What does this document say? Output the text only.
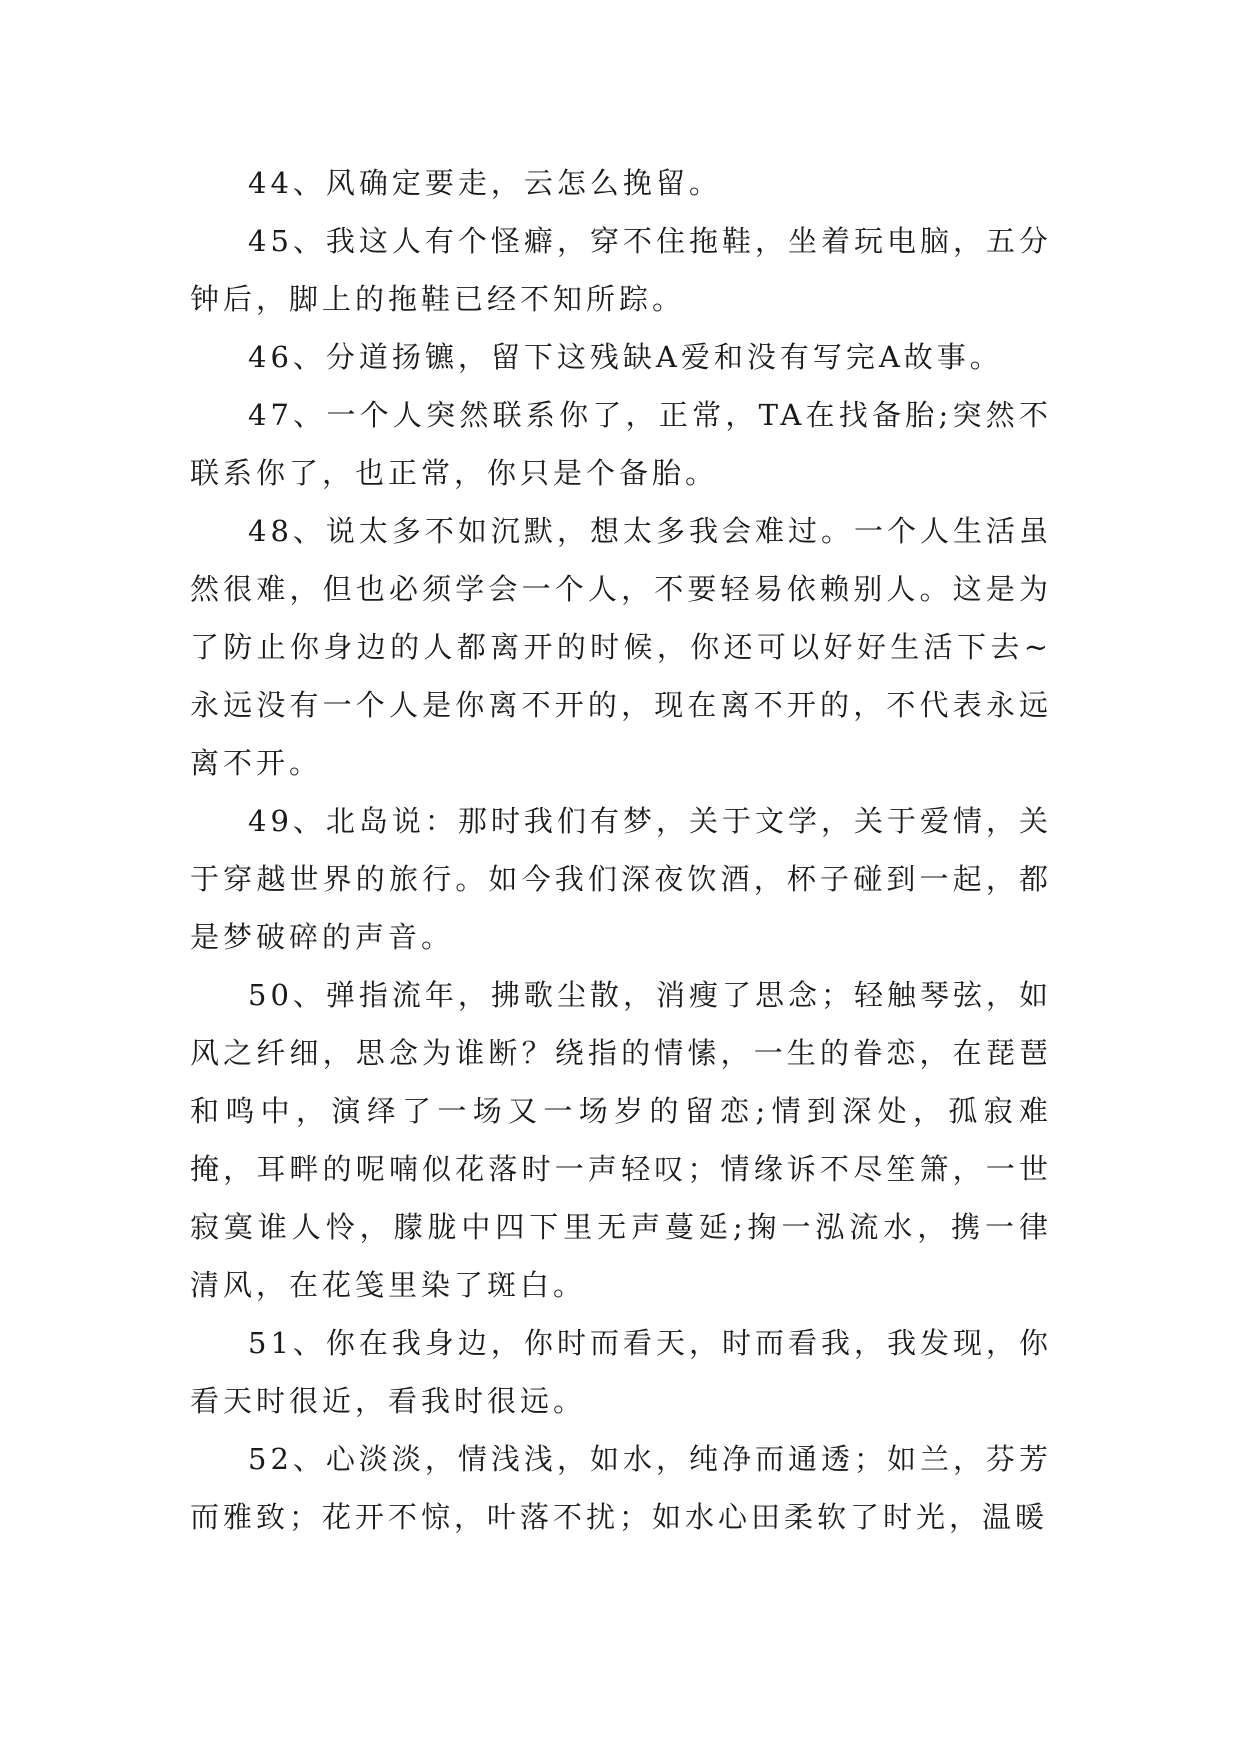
44、风确定要走，云怎么挽留。

45、我这人有个怪癖，穿不住拖鞋，坐着玩电脑，五分钟后，脚上的拖鞋已经不知所踪。

46、分道扬镳，留下这残缺A爱和没有写完A故事。

47、一个人突然联系你了，正常，TA在找备胎;突然不联系你了，也正常，你只是个备胎。

48、说太多不如沉默，想太多我会难过。一个人生活虽然很难，但也必须学会一个人，不要轻易依赖别人。这是为了防止你身边的人都离开的时候，你还可以好好生活下去~永远没有一个人是你离不开的，现在离不开的，不代表永远离不开。

49、北岛说：那时我们有梦，关于文学，关于爱情，关于穿越世界的旅行。如今我们深夜饮酒，杯子碰到一起，都是梦破碎的声音。

50、弹指流年，拂歌尘散，消瘦了思念；轻触琴弦，如风之纤细，思念为谁断？绕指的情愫，一生的眷恋，在琵琶和鸣中，演绎了一场又一场岁的留恋;情到深处，孤寂难掩，耳畔的呢喃似花落时一声轻叹；情缘诉不尽笙箫，一世寂寞谁人怜，朦胧中四下里无声蔓延;掬一泓流水，携一律清风，在花笺里染了斑白。

51、你在我身边，你时而看天，时而看我，我发现，你看天时很近，看我时很远。

52、心淡淡，情浅浅，如水，纯净而通透；如兰，芬芳而雅致；花开不惊，叶落不扰；如水心田柔软了时光，温暖
